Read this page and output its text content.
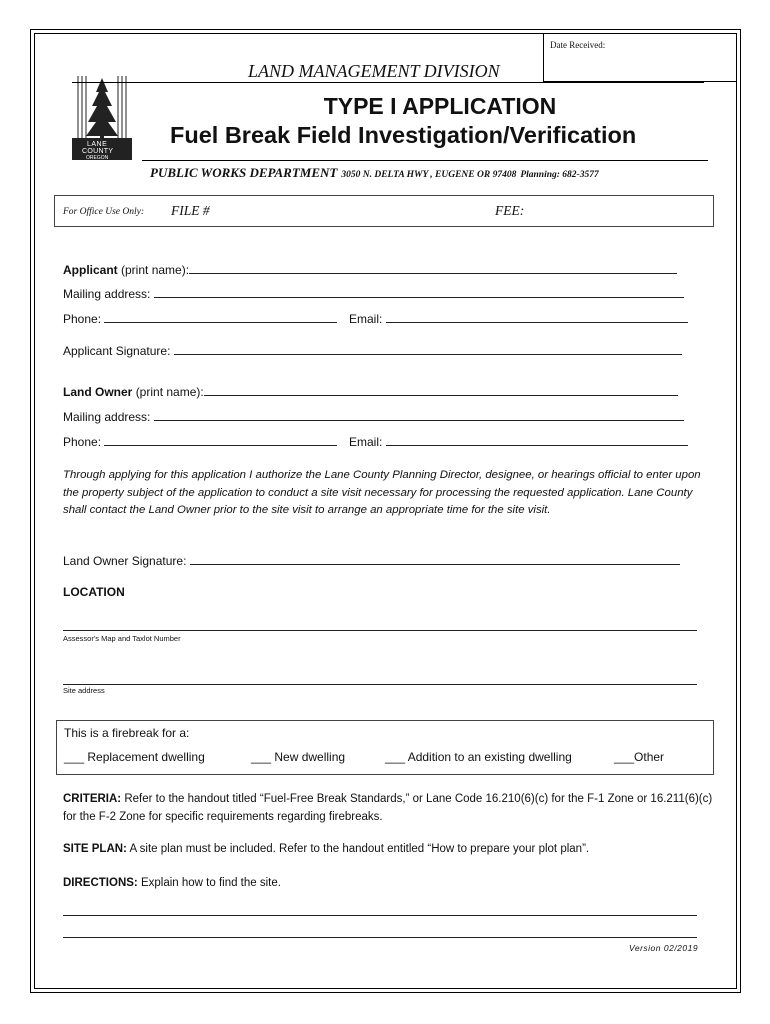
Date Received:
LANE
COUNTY
OREGON
LAND MANAGEMENT DIVISION
TYPE I APPLICATION
Fuel Break Field Investigation/Verification
PUBLIC WORKS DEPARTMENT 3050 N. DELTA HWY , EUGENE OR 97408 Planning: 682-3577
For Office Use Only: FILE #	FEE:
Applicant (print name):
Mailing address:
Phone:	Email:
Applicant Signature:
Land Owner (print name):
Mailing address:
Phone:	Email:
Through applying for this application I authorize the Lane County Planning Director, designee, or hearings official to enter upon the property subject of the application to conduct a site visit necessary for processing the requested application. Lane County shall contact the Land Owner prior to the site visit to arrange an appropriate time for the site visit.
Land Owner Signature:
LOCATION
Assessor's Map and Taxlot Number
Site address
This is a firebreak for a:
___ Replacement dwelling	___ New dwelling	___ Addition to an existing dwelling	___Other
CRITERIA: Refer to the handout titled “Fuel-Free Break Standards,” or Lane Code 16.210(6)(c) for the F-1 Zone or 16.211(6)(c) for the F-2 Zone for specific requirements regarding firebreaks.
SITE PLAN: A site plan must be included. Refer to the handout entitled “How to prepare your plot plan”.
DIRECTIONS: Explain how to find the site.
Version 02/2019
